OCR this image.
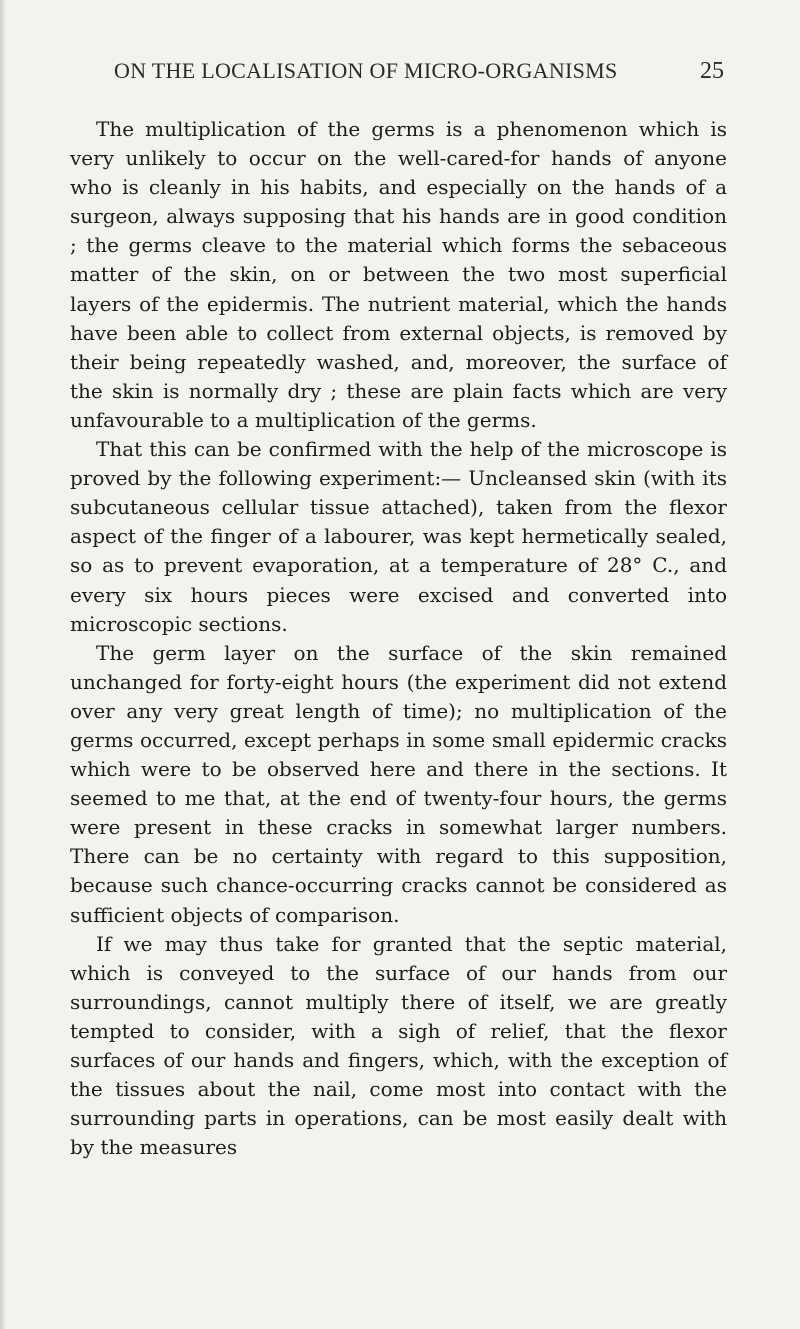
ON THE LOCALISATION OF MICRO-ORGANISMS	25

The multiplication of the germs is a phenomenon which is very unlikely to occur on the well-cared-for hands of anyone who is cleanly in his habits, and especially on the hands of a surgeon, always supposing that his hands are in good condition ; the germs cleave to the material which forms the sebaceous matter of the skin, on or between the two most superficial layers of the epidermis. The nutrient material, which the hands have been able to collect from external objects, is removed by their being repeatedly washed, and, moreover, the surface of the skin is normally dry ; these are plain facts which are very unfavourable to a multiplication of the germs.

That this can be confirmed with the help of the microscope is proved by the following experiment:— Uncleansed skin (with its subcutaneous cellular tissue attached), taken from the flexor aspect of the finger of a labourer, was kept hermetically sealed, so as to prevent evaporation, at a temperature of 28° C., and every six hours pieces were excised and converted into microscopic sections.

The germ layer on the surface of the skin remained unchanged for forty-eight hours (the experiment did not extend over any very great length of time); no multiplication of the germs occurred, except perhaps in some small epidermic cracks which were to be observed here and there in the sections. It seemed to me that, at the end of twenty-four hours, the germs were present in these cracks in somewhat larger numbers. There can be no certainty with regard to this supposition, because such chance-occurring cracks cannot be considered as sufficient objects of comparison.

If we may thus take for granted that the septic material, which is conveyed to the surface of our hands from our surroundings, cannot multiply there of itself, we are greatly tempted to consider, with a sigh of relief, that the flexor surfaces of our hands and fingers, which, with the exception of the tissues about the nail, come most into contact with the surrounding parts in operations, can be most easily dealt with by the measures
